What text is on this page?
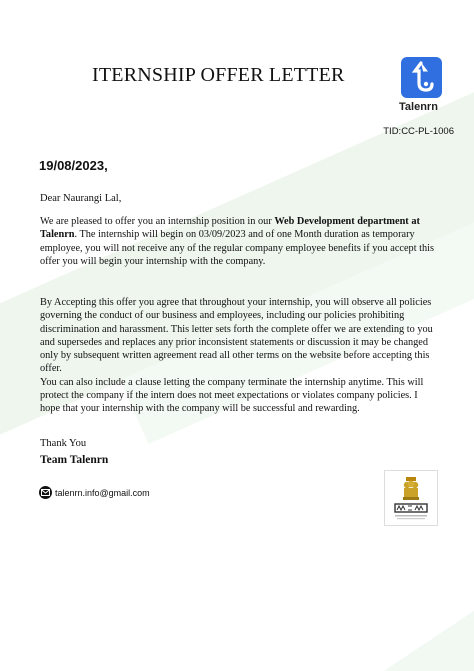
ITERNSHIP OFFER LETTER
Talenrn
TID:CC-PL-1006
19/08/2023,
Dear Naurangi Lal,

We are pleased to offer you an internship position in our Web Development department at Talenrn. The internship will begin on 03/09/2023 and of one Month duration as temporary employee, you will not receive any of the regular company employee benefits if you accept this offer you will begin your internship with the company.

By Accepting this offer you agree that throughout your internship, you will observe all policies governing the conduct of our business and employees, including our policies prohibiting discrimination and harassment. This letter sets forth the complete offer we are extending to you and supersedes and replaces any prior inconsistent statements or discussion it may be changed only by subsequent written agreement read all other terms on the website before accepting this offer.
You can also include a clause letting the company terminate the internship anytime. This will protect the company if the intern does not meet expectations or violates company policies. I hope that your internship with the company will be successful and rewarding.

Thank You
Team Talenrn
talenrn.info@gmail.com
